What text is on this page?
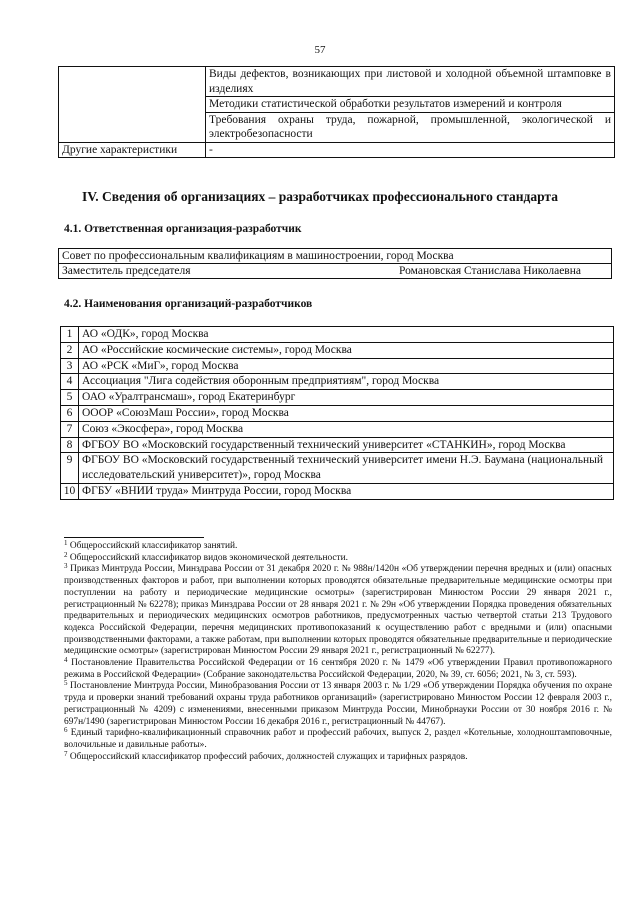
57
	Виды дефектов, возникающих при листовой и холодной объемной штамповке в изделиях
	Методики статистической обработки результатов измерений и контроля
	Требования охраны труда, пожарной, промышленной, экологической и электробезопасности
Другие характеристики	-
IV. Сведения об организациях – разработчиках профессионального стандарта
4.1. Ответственная организация-разработчик
Совет по профессиональным квалификациям в машиностроении, город Москва
Заместитель председателя	Романовская Станислава Николаевна
4.2. Наименования организаций-разработчиков
1	АО «ОДК», город Москва
2	АО «Российские космические системы», город Москва
3	АО «РСК «МиГ», город Москва
4	Ассоциация "Лига содействия оборонным предприятиям", город Москва
5	ОАО «Уралтрансмаш», город Екатеринбург
6	ОООР «СоюзМаш России», город Москва
7	Союз «Экосфера», город Москва
8	ФГБОУ ВО «Московский государственный технический университет «СТАНКИН», город Москва
9	ФГБОУ ВО «Московский государственный технический университет имени Н.Э. Баумана (национальный исследовательский университет)», город Москва
10	ФГБУ «ВНИИ труда» Минтруда России, город Москва

$^1$ Общероссийский классификатор занятий.

$^2$ Общероссийский классификатор видов экономической деятельности.

$^3$ Приказ Минтруда России, Минздрава России от 31 декабря 2020 г. № 988н/1420н «Об утверждении перечня вредных и (или) опасных производственных факторов и работ, при выполнении которых проводятся обязательные предварительные медицинские осмотры при поступлении на работу и периодические медицинские осмотры» (зарегистрирован Минюстом России 29 января 2021 г., регистрационный № 62278); приказ Минздрава России от 28 января 2021 г. № 29н «Об утверждении Порядка проведения обязательных предварительных и периодических медицинских осмотров работников, предусмотренных частью четвертой статьи 213 Трудового кодекса Российской Федерации, перечня медицинских противопоказаний к осуществлению работ с вредными и (или) опасными производственными факторами, а также работам, при выполнении которых проводятся обязательные предварительные и периодические медицинские осмотры» (зарегистрирован Минюстом России 29 января 2021 г., регистрационный № 62277).

$^4$ Постановление Правительства Российской Федерации от 16 сентября 2020 г. № 1479 «Об утверждении Правил противопожарного режима в Российской Федерации» (Собрание законодательства Российской Федерации, 2020, № 39, ст. 6056; 2021, № 3, ст. 593).

$^5$ Постановление Минтруда России, Минобразования России от 13 января 2003 г. № 1/29 «Об утверждении Порядка обучения по охране труда и проверки знаний требований охраны труда работников организаций» (зарегистрировано Минюстом России 12 февраля 2003 г., регистрационный № 4209) с изменениями, внесенными приказом Минтруда России, Минобрнауки России от 30 ноября 2016 г. № 697н/1490 (зарегистрирован Минюстом России 16 декабря 2016 г., регистрационный № 44767).

$^6$ Единый тарифно-квалификационный справочник работ и профессий рабочих, выпуск 2, раздел «Котельные, холодноштамповочные, волочильные и давильные работы».

$^7$ Общероссийский классификатор профессий рабочих, должностей служащих и тарифных разрядов.
